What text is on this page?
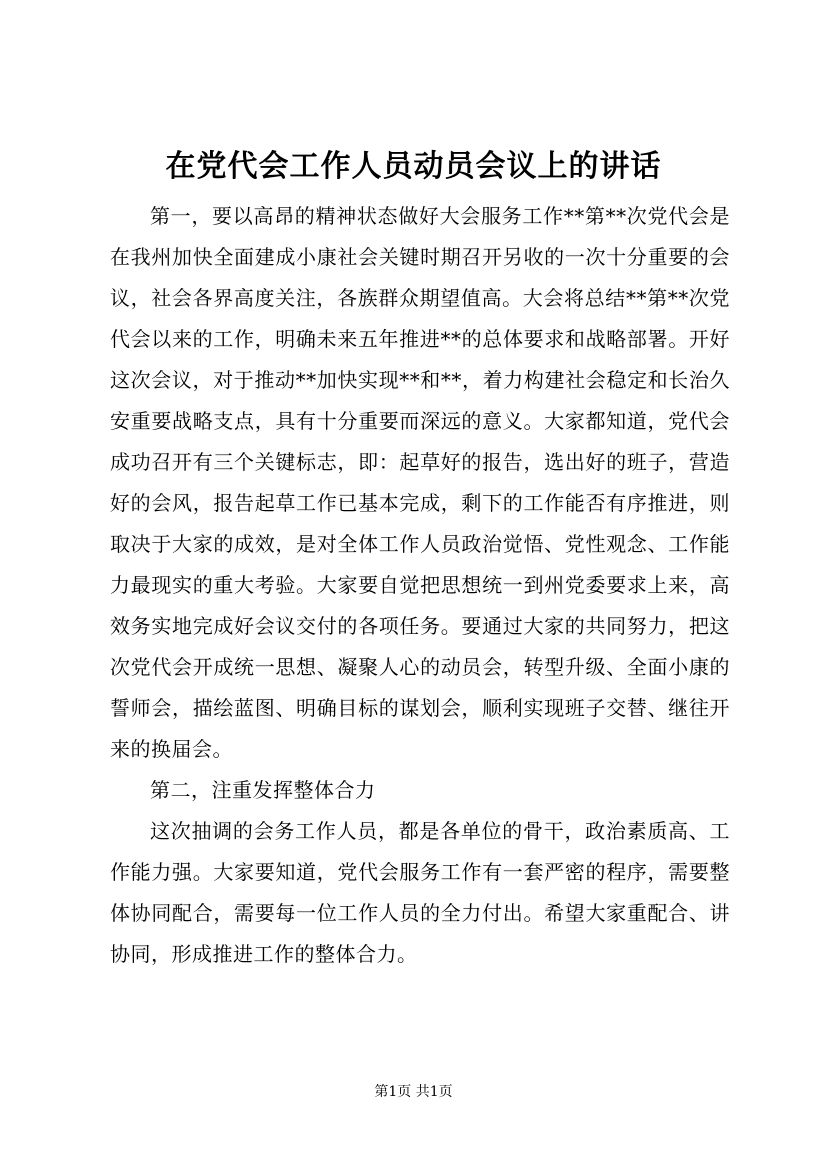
在党代会工作人员动员会议上的讲话

第一，要以高昂的精神状态做好大会服务工作**第**次党代会是在我州加快全面建成小康社会关键时期召开另收的一次十分重要的会议，社会各界高度关注，各族群众期望值高。大会将总结**第**次党代会以来的工作，明确未来五年推进**的总体要求和战略部署。开好这次会议，对于推动**加快实现**和**，着力构建社会稳定和长治久安重要战略支点，具有十分重要而深远的意义。大家都知道，党代会成功召开有三个关键标志，即：起草好的报告，选出好的班子，营造好的会风，报告起草工作已基本完成，剩下的工作能否有序推进，则取决于大家的成效，是对全体工作人员政治觉悟、党性观念、工作能力最现实的重大考验。大家要自觉把思想统一到州党委要求上来，高效务实地完成好会议交付的各项任务。要通过大家的共同努力，把这次党代会开成统一思想、凝聚人心的动员会，转型升级、全面小康的誓师会，描绘蓝图、明确目标的谋划会，顺利实现班子交替、继往开来的换届会。

第二，注重发挥整体合力

这次抽调的会务工作人员，都是各单位的骨干，政治素质高、工作能力强。大家要知道，党代会服务工作有一套严密的程序，需要整体协同配合，需要每一位工作人员的全力付出。希望大家重配合、讲协同，形成推进工作的整体合力。

第1页 共1页
